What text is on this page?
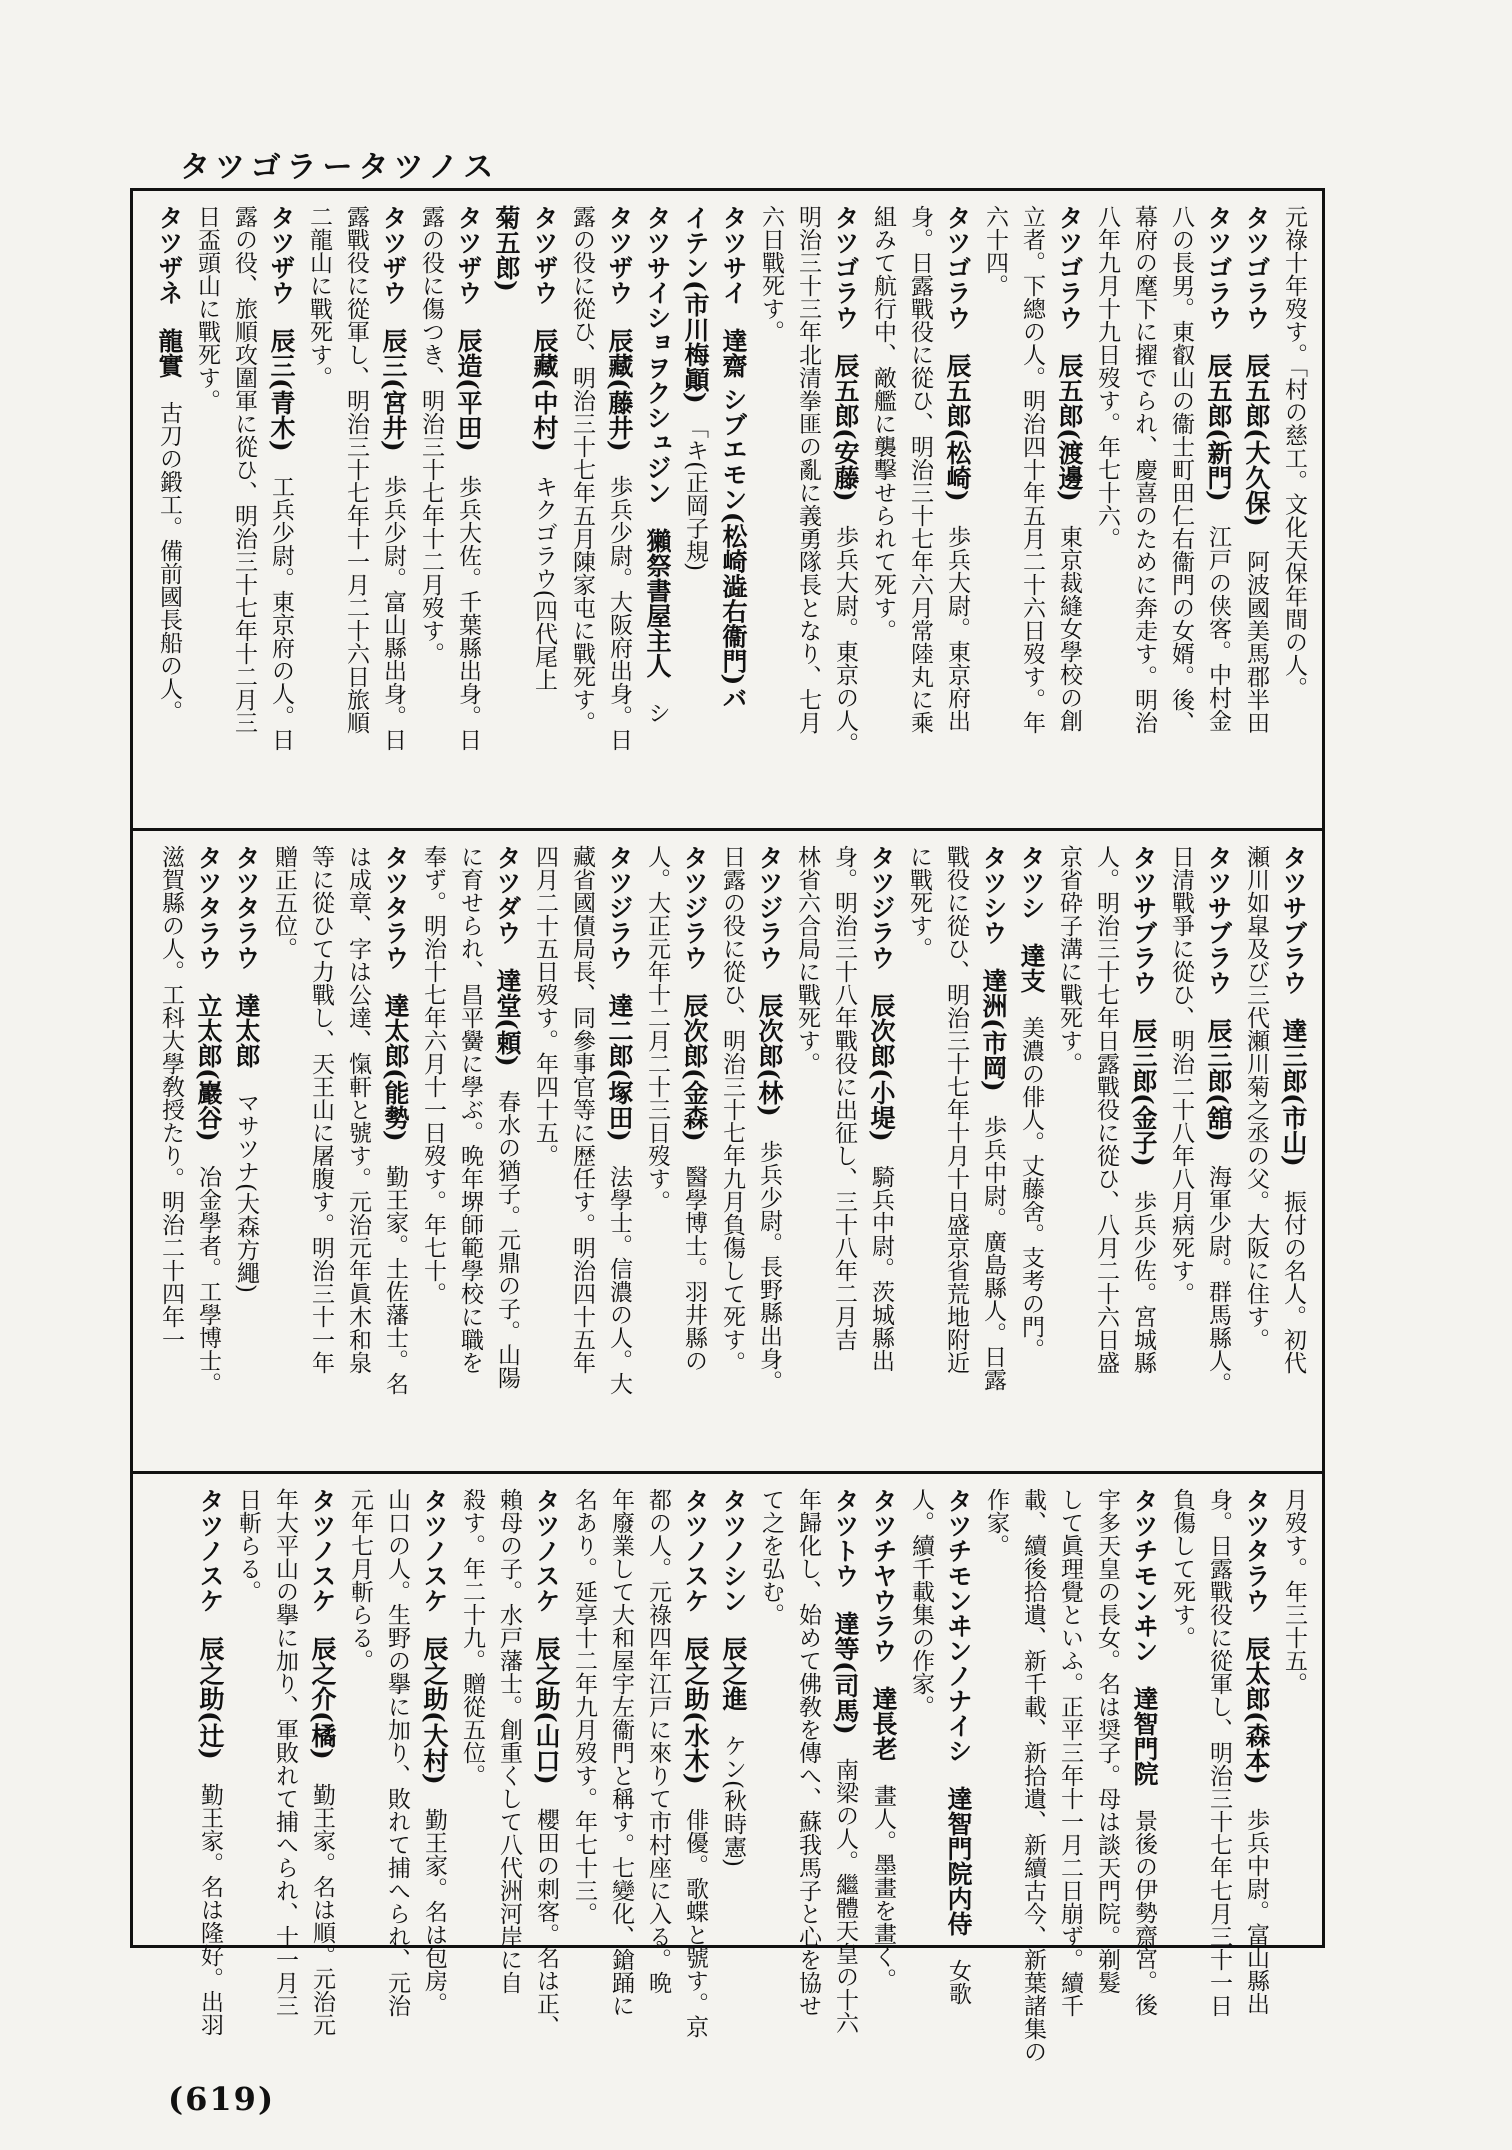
タツゴラータツノス
元祿十年歿す。「村の慈工。文化天保年間の人。
タツゴラウ　辰五郎(大久保)　阿波國美馬郡半田
タツゴラウ　辰五郎(新門)　江戸の侠客。中村金
八の長男。東叡山の衞士町田仁右衞門の女婿。後、
幕府の麾下に擢でられ、慶喜のために奔走す。明治
八年九月十九日歿す。年七十六。
タツゴラウ　辰五郎(渡邊)　東京裁縫女學校の創
立者。下總の人。明治四十年五月二十六日歿す。年
六十四。
タツゴラウ　辰五郎(松崎)　歩兵大尉。東京府出
身。日露戰役に從ひ、明治三十七年六月常陸丸に乘
組みて航行中、敵艦に襲擊せられて死す。
タツゴラウ　辰五郎(安藤)　歩兵大尉。東京の人。
明治三十三年北清拳匪の亂に義勇隊長となり、七月
六日戰死す。
タツサイ　達齋 シブエモン(松崎澁右衞門)バ　
イテン(市川梅顚)　「キ(正岡子規)
タツサイショヲクシュジン　獺祭書屋主人　シ
タツザウ　辰藏(藤井)　歩兵少尉。大阪府出身。日
露の役に從ひ、明治三十七年五月陳家屯に戰死す。
タツザウ　辰藏(中村)　キクゴラウ(四代尾上
菊五郎)　
タツザウ　辰造(平田)　歩兵大佐。千葉縣出身。日
露の役に傷つき、明治三十七年十二月歿す。
タツザウ　辰三(宮井)　歩兵少尉。富山縣出身。日
露戰役に從軍し、明治三十七年十一月二十六日旅順
二龍山に戰死す。
タツザウ　辰三(青木)　工兵少尉。東京府の人。日
露の役、旅順攻圍軍に從ひ、明治三十七年十二月三
日盃頭山に戰死す。
タツザネ　龍實　古刀の鍛工。備前國長船の人。
タツサブラウ　達三郎(市山)　振付の名人。初代
瀬川如皐及び三代瀬川菊之丞の父。大阪に住す。
タツサブラウ　辰三郎(舘)　海軍少尉。群馬縣人。
日清戰爭に從ひ、明治二十八年八月病死す。
タツサブラウ　辰三郎(金子)　歩兵少佐。宮城縣
人。明治三十七年日露戰役に從ひ、八月二十六日盛
京省砕子溝に戰死す。
タツシ　達支　美濃の俳人。丈藤舍。支考の門。
タツシウ　達洲(市岡)　歩兵中尉。廣島縣人。日露
戰役に從ひ、明治三十七年十月十日盛京省荒地附近
に戰死す。
タツジラウ　辰次郎(小堤)　騎兵中尉。茨城縣出
身。明治三十八年戰役に出征し、三十八年二月吉
林省六合局に戰死す。
タツジラウ　辰次郎(林)　歩兵少尉。長野縣出身。
日露の役に從ひ、明治三十七年九月負傷して死す。
タツジラウ　辰次郎(金森)　醫學博士。羽井縣の
人。大正元年十二月二十三日歿す。
タツジラウ　達二郎(塚田)　法學士。信濃の人。大
藏省國債局長、同參事官等に歴任す。明治四十五年
四月二十五日歿す。年四十五。
タツダウ　達堂(頼)　春水の猶子。元鼎の子。山陽
に育せられ、昌平黌に學ぶ。晩年堺師範學校に職を
奉ず。明治十七年六月十一日歿す。年七十。
タツタラウ　達太郎(能勢)　勤王家。土佐藩士。名
は成章、字は公達、愾軒と號す。元治元年眞木和泉
等に從ひて力戰し、天王山に屠腹す。明治三十一年
贈正五位。
タツタラウ　達太郎　マサツナ(大森方繩)
タツタラウ　立太郎(巖谷)　冶金學者。工學博士。
滋賀縣の人。工科大學敎授たり。明治二十四年一
月歿す。年三十五。
タツタラウ　辰太郎(森本)　歩兵中尉。富山縣出
身。日露戰役に從軍し、明治三十七年七月三十一日
負傷して死す。
タツチモンヰン　達智門院　景後の伊勢齋宮。後
宇多天皇の長女。名は奨子。母は談天門院。剃髮
して眞理覺といふ。正平三年十一月二日崩ず。續千
載、續後拾遺、新千載、新拾遺、新續古今、新葉諸集の
作家。
タツチモンヰンノナイシ　達智門院内侍　女歌
人。續千載集の作家。
タツチヤウラウ　達長老　畫人。墨畫を畫く。
タツトウ　達等(司馬)　南梁の人。繼體天皇の十六
年歸化し、始めて佛敎を傳へ、蘇我馬子と心を協せ
て之を弘む。
タツノシン　辰之進　ケン(秋時憲)
タツノスケ　辰之助(水木)　俳優。歌蝶と號す。京
都の人。元祿四年江戸に來りて市村座に入る。晩
年廢業して大和屋宇左衞門と稱す。七變化、鎗踊に
名あり。延享十二年九月歿す。年七十三。
タツノスケ　辰之助(山口)　櫻田の刺客。名は正、
賴母の子。水戸藩士。創重くして八代洲河岸に自
殺す。年二十九。贈從五位。
タツノスケ　辰之助(大村)　勤王家。名は包房。
山口の人。生野の擧に加り、敗れて捕へられ、元治
元年七月斬らる。
タツノスケ　辰之介(橘)　勤王家。名は順。元治元
年大平山の擧に加り、軍敗れて捕へられ、十一月三
日斬らる。
タツノスケ　辰之助(辻)　勤王家。名は隆好。出羽
(619)
